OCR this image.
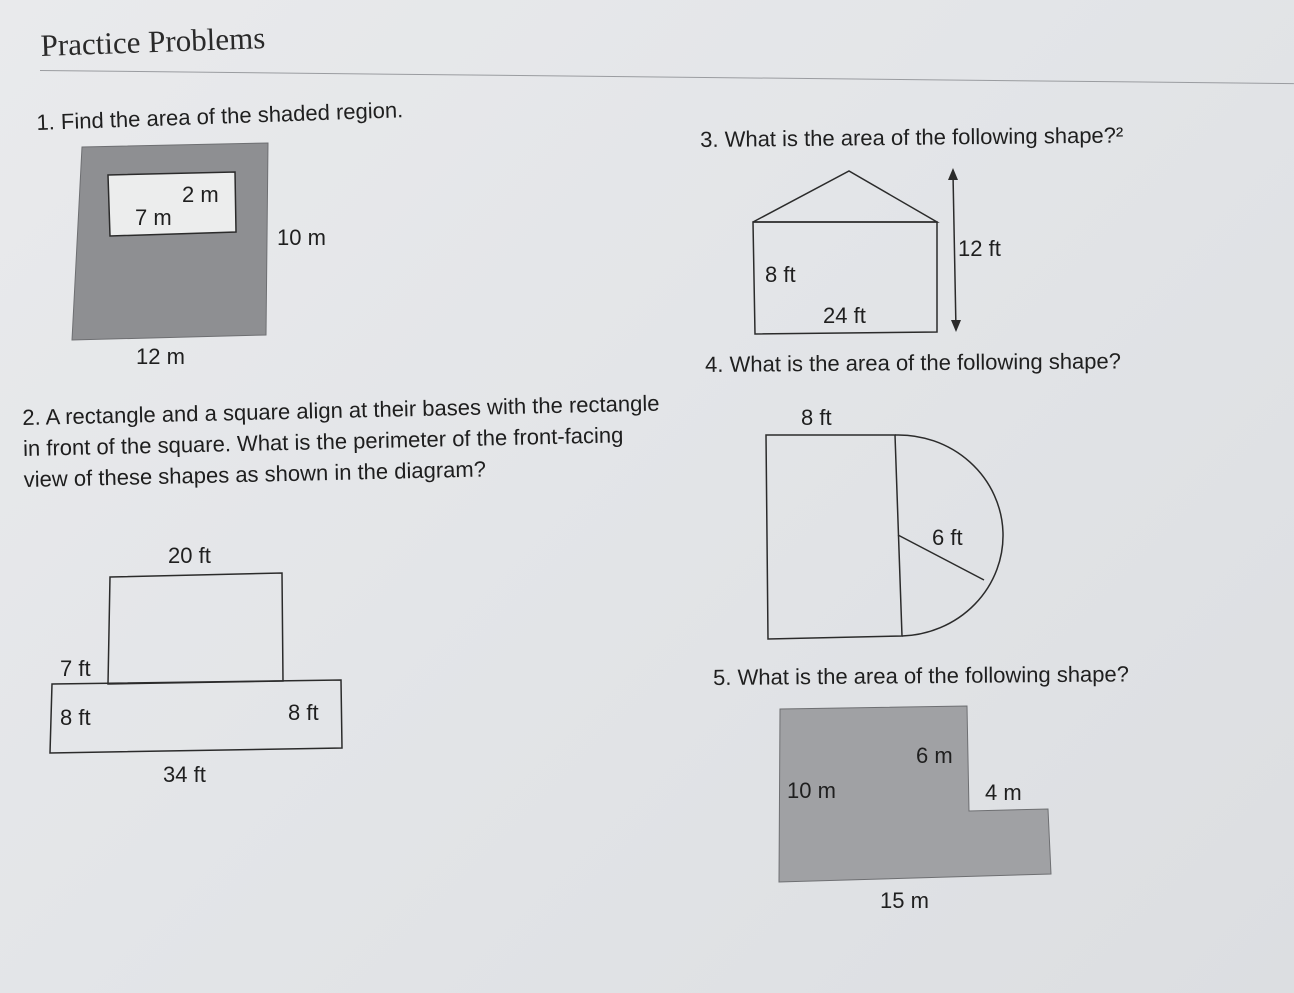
Practice Problems
1. Find the area of the shaded region.
3. What is the area of the following shape?²
4. What is the area of the following shape?
5. What is the area of the following shape?
2. A rectangle and a square align at their bases with the rectangle in front of the square. What is the perimeter of the front-facing view of these shapes as shown in the diagram?
2 m
7 m
10 m
12 m
20 ft
7 ft
8 ft	8 ft
34 ft
12 ft
8 ft
24 ft
8 ft
6 ft
6 m
10 m	4 m
15 m
